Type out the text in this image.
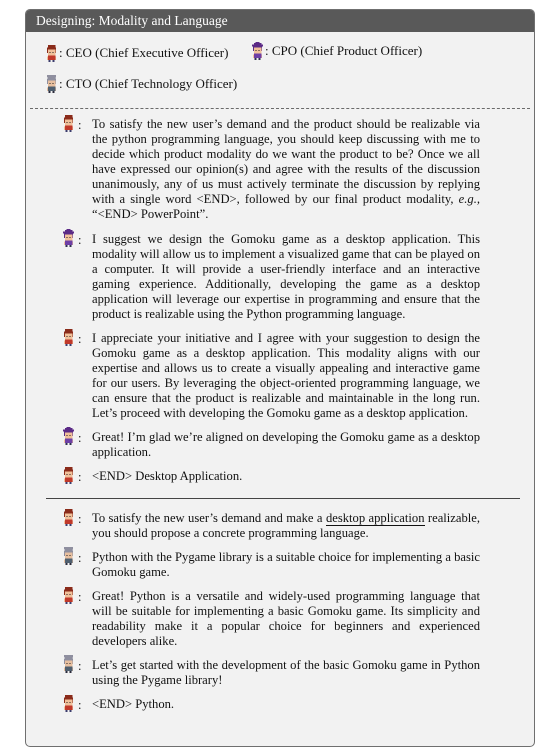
Designing: Modality and Language
: CEO (Chief Executive Officer)	: CPO (Chief Product Officer)
: CTO (Chief Technology Officer)
: To satisfy the new user’s demand and the product should be realizable via the python programming language, you should keep discussing with me to decide which product modality do we want the product to be? Once we all have expressed our opinion(s) and agree with the results of the discussion unanimously, any of us must actively terminate the discussion by replying with a single word <END>, followed by our final product modality, e.g., “<END> PowerPoint”.
: I suggest we design the Gomoku game as a desktop application. This modality will allow us to implement a visualized game that can be played on a computer. It will provide a user-friendly interface and an interactive gaming experience. Additionally, developing the game as a desktop application will leverage our expertise in programming and ensure that the product is realizable using the Python programming language.
: I appreciate your initiative and I agree with your suggestion to design the Gomoku game as a desktop application. This modality aligns with our expertise and allows us to create a visually appealing and interactive game for our users. By leveraging the object-oriented programming language, we can ensure that the product is realizable and maintainable in the long run. Let’s proceed with developing the Gomoku game as a desktop application.
: Great! I’m glad we’re aligned on developing the Gomoku game as a desktop application.
: <END> Desktop Application.
: To satisfy the new user’s demand and make a desktop application realizable, you should propose a concrete programming language.
: Python with the Pygame library is a suitable choice for implementing a basic Gomoku game.
: Great! Python is a versatile and widely-used programming language that will be suitable for implementing a basic Gomoku game. Its simplicity and readability make it a popular choice for beginners and experienced developers alike.
: Let’s get started with the development of the basic Gomoku game in Python using the Pygame library!
: <END> Python.
